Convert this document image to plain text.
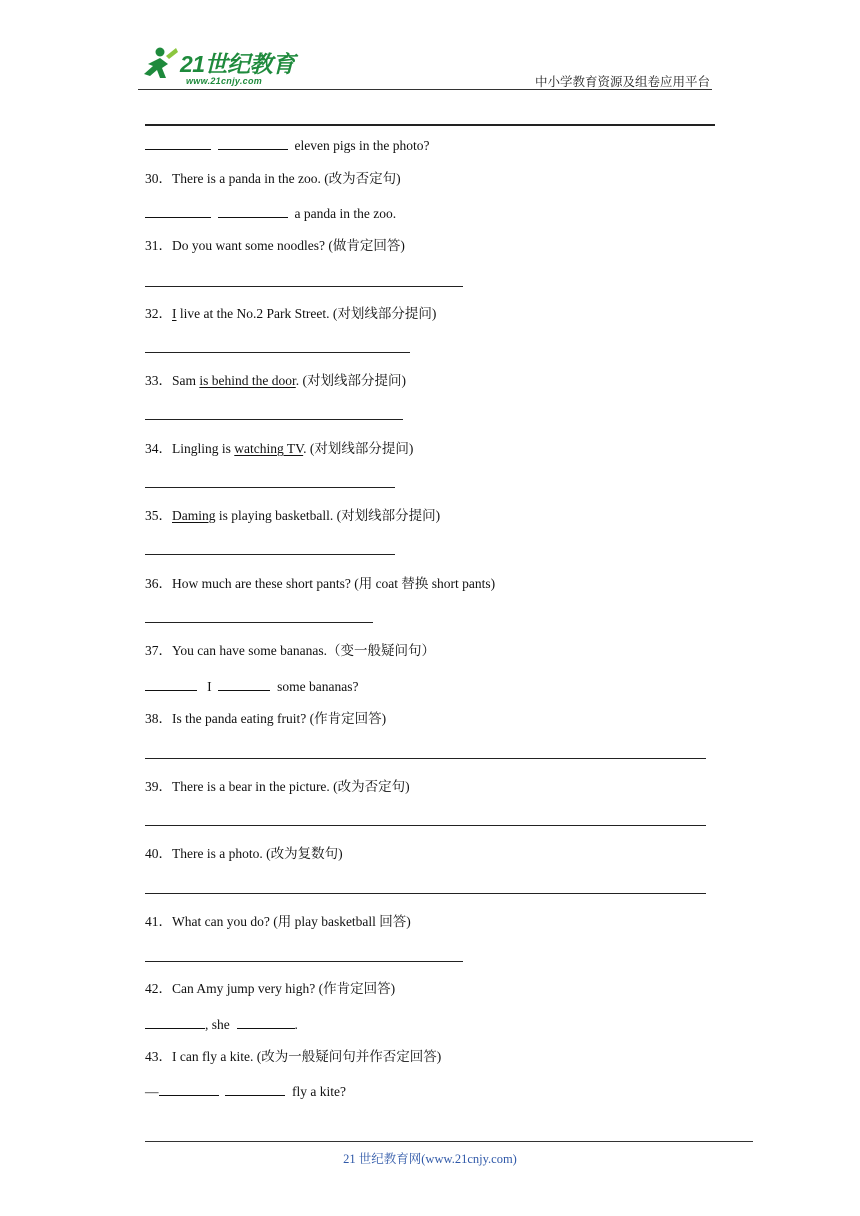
21世纪教育
www.21cnjy.com	中小学教育资源及组卷应用平台
eleven pigs in the photo?
30．There is a panda in the zoo. (改为否定句)
a panda in the zoo.
31．Do you want some noodles? (做肯定回答)
32．I live at the No.2 Park Street. (对划线部分提问)
33．Sam is behind the door. (对划线部分提问)
34．Lingling is watching TV. (对划线部分提问)
35．Daming is playing basketball. (对划线部分提问)
36．How much are these short pants? (用 coat 替换 short pants)
37．You can have some bananas.（变一般疑问句）
I	some bananas?
38．Is the panda eating fruit? (作肯定回答)
39．There is a bear in the picture. (改为否定句)
40．There is a photo. (改为复数句)
41．What can you do? (用 play basketball 回答)
42．Can Amy jump very high? (作肯定回答)
, she	.
43．I can fly a kite. (改为一般疑问句并作否定回答)
—	fly a kite?
21 世纪教育网(www.21cnjy.com)
